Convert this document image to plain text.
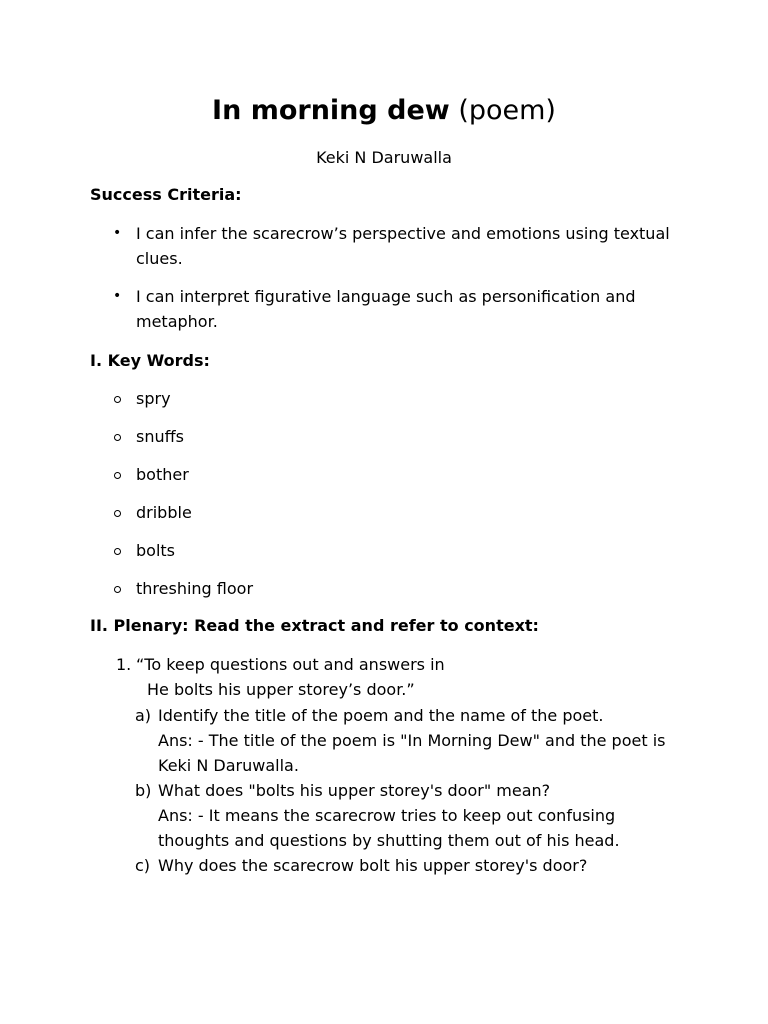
In morning dew (poem)
Keki N Daruwalla
Success Criteria:
• I can infer the scarecrow’s perspective and emotions using textual
clues.
• I can interpret figurative language such as personification and
metaphor.
I. Key Words:
spry
snuffs
bother
dribble
bolts
threshing floor
II. Plenary: Read the extract and refer to context:
1. “To keep questions out and answers in
He bolts his upper storey’s door.”
a) Identify the title of the poem and the name of the poet.
Ans: - The title of the poem is "In Morning Dew" and the poet is
Keki N Daruwalla.
b) What does "bolts his upper storey's door" mean?
Ans: - It means the scarecrow tries to keep out confusing
thoughts and questions by shutting them out of his head.
c) Why does the scarecrow bolt his upper storey's door?
